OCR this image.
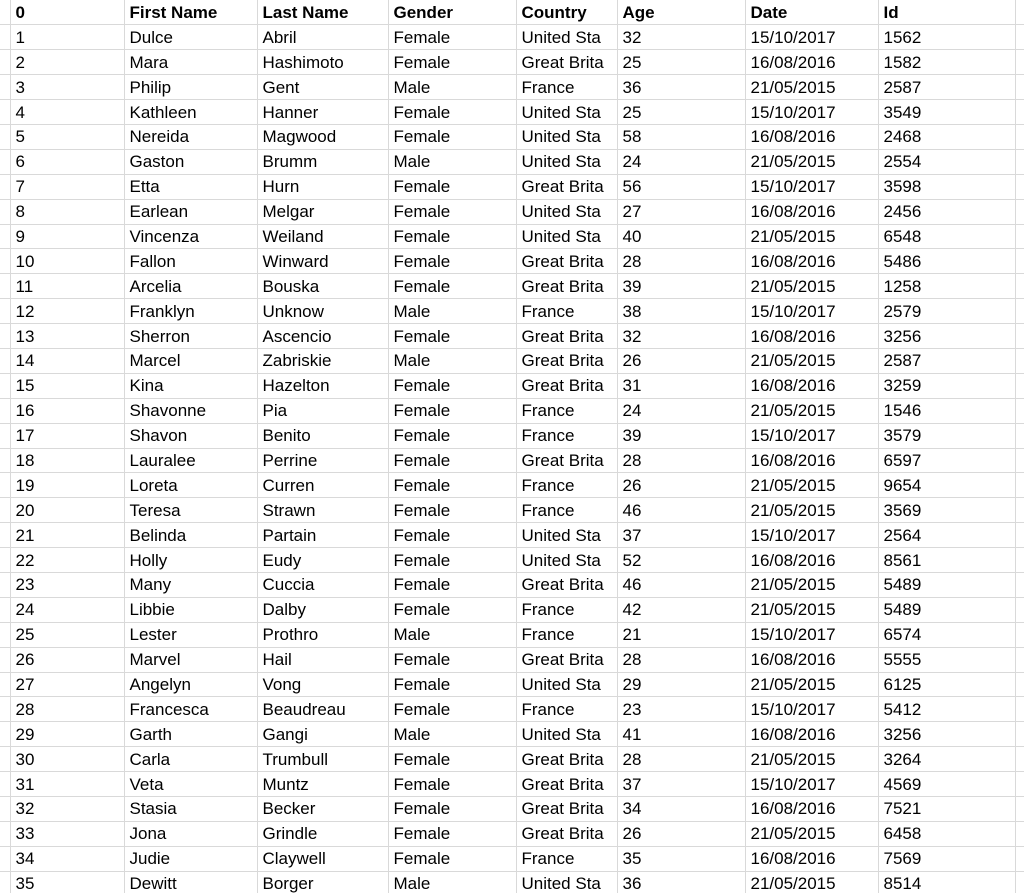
	0	First Name	Last Name	Gender	Country	Age	Date	Id	
	1	Dulce	Abril	Female	United Sta	32	15/10/2017	1562	
	2	Mara	Hashimoto	Female	Great Brita	25	16/08/2016	1582	
	3	Philip	Gent	Male	France	36	21/05/2015	2587	
	4	Kathleen	Hanner	Female	United Sta	25	15/10/2017	3549	
	5	Nereida	Magwood	Female	United Sta	58	16/08/2016	2468	
	6	Gaston	Brumm	Male	United Sta	24	21/05/2015	2554	
	7	Etta	Hurn	Female	Great Brita	56	15/10/2017	3598	
	8	Earlean	Melgar	Female	United Sta	27	16/08/2016	2456	
	9	Vincenza	Weiland	Female	United Sta	40	21/05/2015	6548	
	10	Fallon	Winward	Female	Great Brita	28	16/08/2016	5486	
	11	Arcelia	Bouska	Female	Great Brita	39	21/05/2015	1258	
	12	Franklyn	Unknow	Male	France	38	15/10/2017	2579	
	13	Sherron	Ascencio	Female	Great Brita	32	16/08/2016	3256	
	14	Marcel	Zabriskie	Male	Great Brita	26	21/05/2015	2587	
	15	Kina	Hazelton	Female	Great Brita	31	16/08/2016	3259	
	16	Shavonne	Pia	Female	France	24	21/05/2015	1546	
	17	Shavon	Benito	Female	France	39	15/10/2017	3579	
	18	Lauralee	Perrine	Female	Great Brita	28	16/08/2016	6597	
	19	Loreta	Curren	Female	France	26	21/05/2015	9654	
	20	Teresa	Strawn	Female	France	46	21/05/2015	3569	
	21	Belinda	Partain	Female	United Sta	37	15/10/2017	2564	
	22	Holly	Eudy	Female	United Sta	52	16/08/2016	8561	
	23	Many	Cuccia	Female	Great Brita	46	21/05/2015	5489	
	24	Libbie	Dalby	Female	France	42	21/05/2015	5489	
	25	Lester	Prothro	Male	France	21	15/10/2017	6574	
	26	Marvel	Hail	Female	Great Brita	28	16/08/2016	5555	
	27	Angelyn	Vong	Female	United Sta	29	21/05/2015	6125	
	28	Francesca	Beaudreau	Female	France	23	15/10/2017	5412	
	29	Garth	Gangi	Male	United Sta	41	16/08/2016	3256	
	30	Carla	Trumbull	Female	Great Brita	28	21/05/2015	3264	
	31	Veta	Muntz	Female	Great Brita	37	15/10/2017	4569	
	32	Stasia	Becker	Female	Great Brita	34	16/08/2016	7521	
	33	Jona	Grindle	Female	Great Brita	26	21/05/2015	6458	
	34	Judie	Claywell	Female	France	35	16/08/2016	7569	
	35	Dewitt	Borger	Male	United Sta	36	21/05/2015	8514	
